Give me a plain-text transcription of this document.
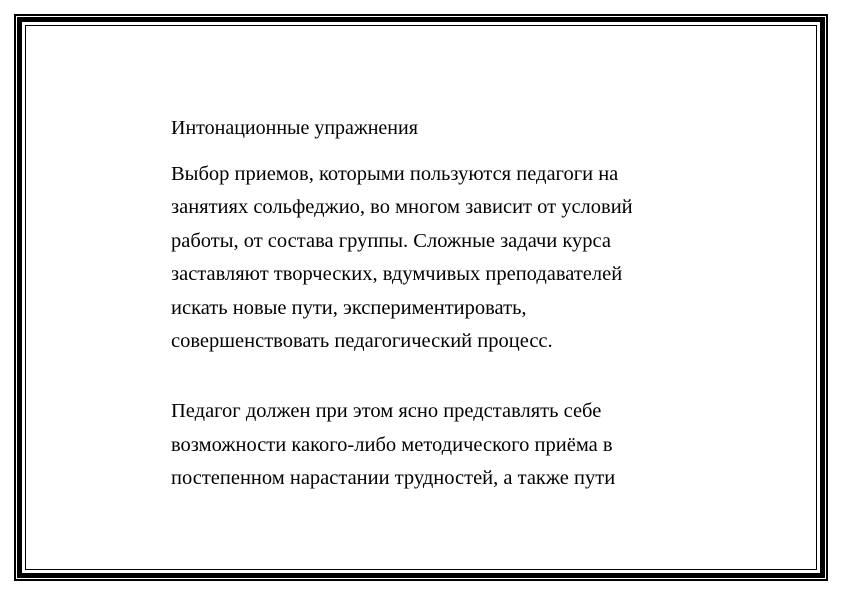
Интонационные упражнения

Выбор приемов, которыми пользуются педагоги на
занятиях сольфеджио, во многом зависит от условий
работы, от состава группы. Сложные задачи курса
заставляют творческих, вдумчивых преподавателей
искать новые пути, экспериментировать,
совершенствовать педагогический процесс.

Педагог должен при этом ясно представлять себе
возможности какого-либо методического приёма в
постепенном нарастании трудностей, а также пути
